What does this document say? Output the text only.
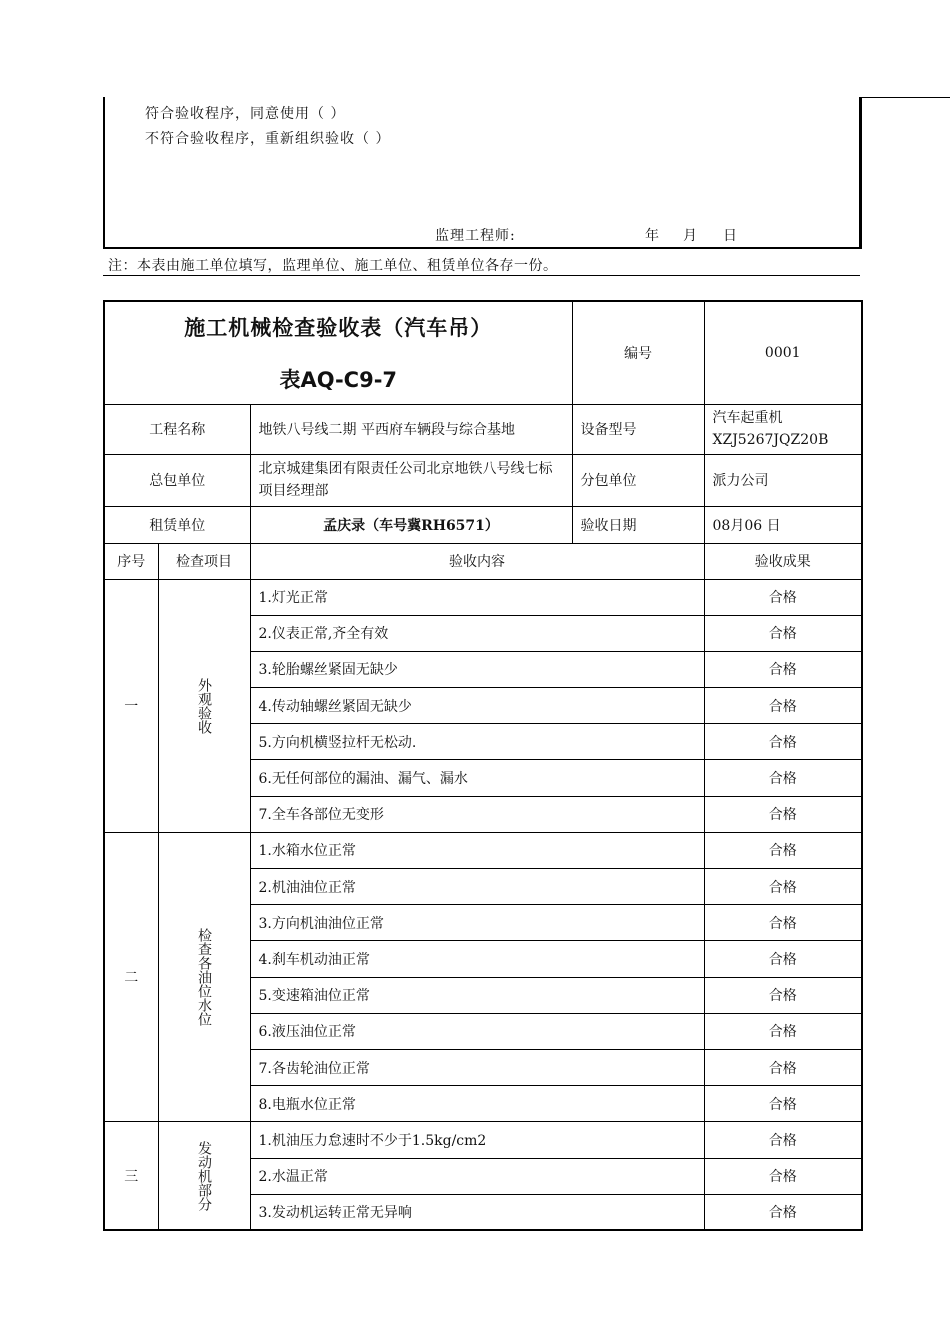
符合验收程序，同意使用（ ）
不符合验收程序，重新组织验收（ ）
监理工程师:	年 月 日
注：本表由施工单位填写，监理单位、施工单位、租赁单位各存一份。
施工机械检查验收表（汽车吊）
表AQ-C9-7			编号	0001
工程名称		地铁八号线二期 平西府车辆段与综合基地	设备型号	汽车起重机
XZJ5267JQZ20B

总包单位		北京城建集团有限责任公司北京地铁八号线七标项目经理部	分包单位	派力公司
租赁单位		孟庆录（车号冀RH6571）	验收日期	08月06 日
序号	检查项目	验收内容		验收成果
一	外观验收	1.灯光正常		合格
		2.仪表正常,齐全有效		合格
		3.轮胎螺丝紧固无缺少		合格
		4.传动轴螺丝紧固无缺少		合格
		5.方向机横竖拉杆无松动.		合格
		6.无任何部位的漏油、漏气、漏水		合格
		7.全车各部位无变形		合格
二	检查各油位水位	1.水箱水位正常		合格
		2.机油油位正常		合格
		3.方向机油油位正常		合格
		4.刹车机动油正常		合格
		5.变速箱油位正常		合格
		6.液压油位正常		合格
		7.各齿轮油位正常		合格
		8.电瓶水位正常		合格
三	发动机部分	1.机油压力怠速时不少于1.5kg/cm2		合格
		2.水温正常		合格
		3.发动机运转正常无异响		合格
